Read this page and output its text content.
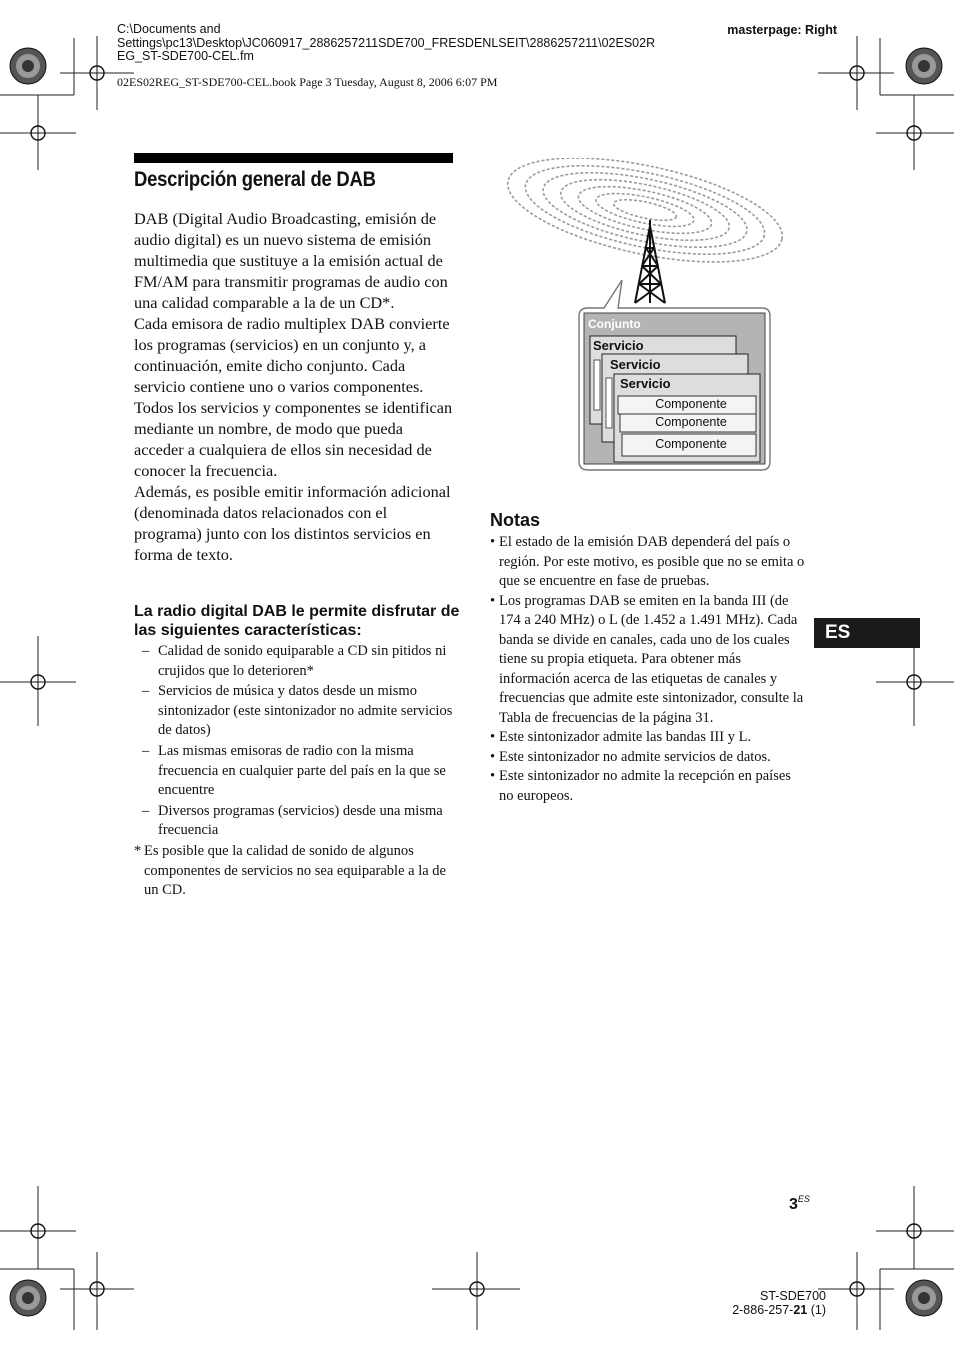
C:\Documents and
Settings\pc13\Desktop\JC060917_2886257211SDE700_FRESDENLSEIT\2886257211\02ES02R
EG_ST-SDE700-CEL.fm
masterpage: Right
02ES02REG_ST-SDE700-CEL.book Page 3 Tuesday, August 8, 2006 6:07 PM
Descripción general de DAB

DAB (Digital Audio Broadcasting, emisión de audio digital) es un nuevo sistema de emisión multimedia que sustituye a la emisión actual de FM/AM para transmitir programas de audio con una calidad comparable a la de un CD*.

Cada emisora de radio multiplex DAB convierte los programas (servicios) en un conjunto y, a continuación, emite dicho conjunto. Cada servicio contiene uno o varios componentes. Todos los servicios y componentes se identifican mediante un nombre, de modo que pueda acceder a cualquiera de ellos sin necesidad de conocer la frecuencia.

Además, es posible emitir información adicional (denominada datos relacionados con el programa) junto con los distintos servicios en forma de texto.

La radio digital DAB le permite disfrutar de las siguientes características:
– Calidad de sonido equiparable a CD sin pitidos ni crujidos que lo deterioren*
– Servicios de música y datos desde un mismo sintonizador (este sintonizador no admite servicios de datos)
– Las mismas emisoras de radio con la misma frecuencia en cualquier parte del país en la que se encuentre
– Diversos programas (servicios) desde una misma frecuencia
* Es posible que la calidad de sonido de algunos componentes de servicios no sea equiparable a la de un CD.
Conjunto
Servicio
Servicio
Servicio
Componente
Componente
Componente
Notas
• El estado de la emisión DAB dependerá del país o región. Por este motivo, es posible que no se emita o que se encuentre en fase de pruebas.
• Los programas DAB se emiten en la banda III (de 174 a 240 MHz) o L (de 1.452 a 1.491 MHz). Cada banda se divide en canales, cada uno de los cuales tiene su propia etiqueta. Para obtener más información acerca de las etiquetas de canales y frecuencias que admite este sintonizador, consulte la Tabla de frecuencias de la página 31.
• Este sintonizador admite las bandas III y L.
• Este sintonizador no admite servicios de datos.
• Este sintonizador no admite la recepción en países no europeos.
ES
$3^{ES}$
ST-SDE700
2-886-257-21 (1)
